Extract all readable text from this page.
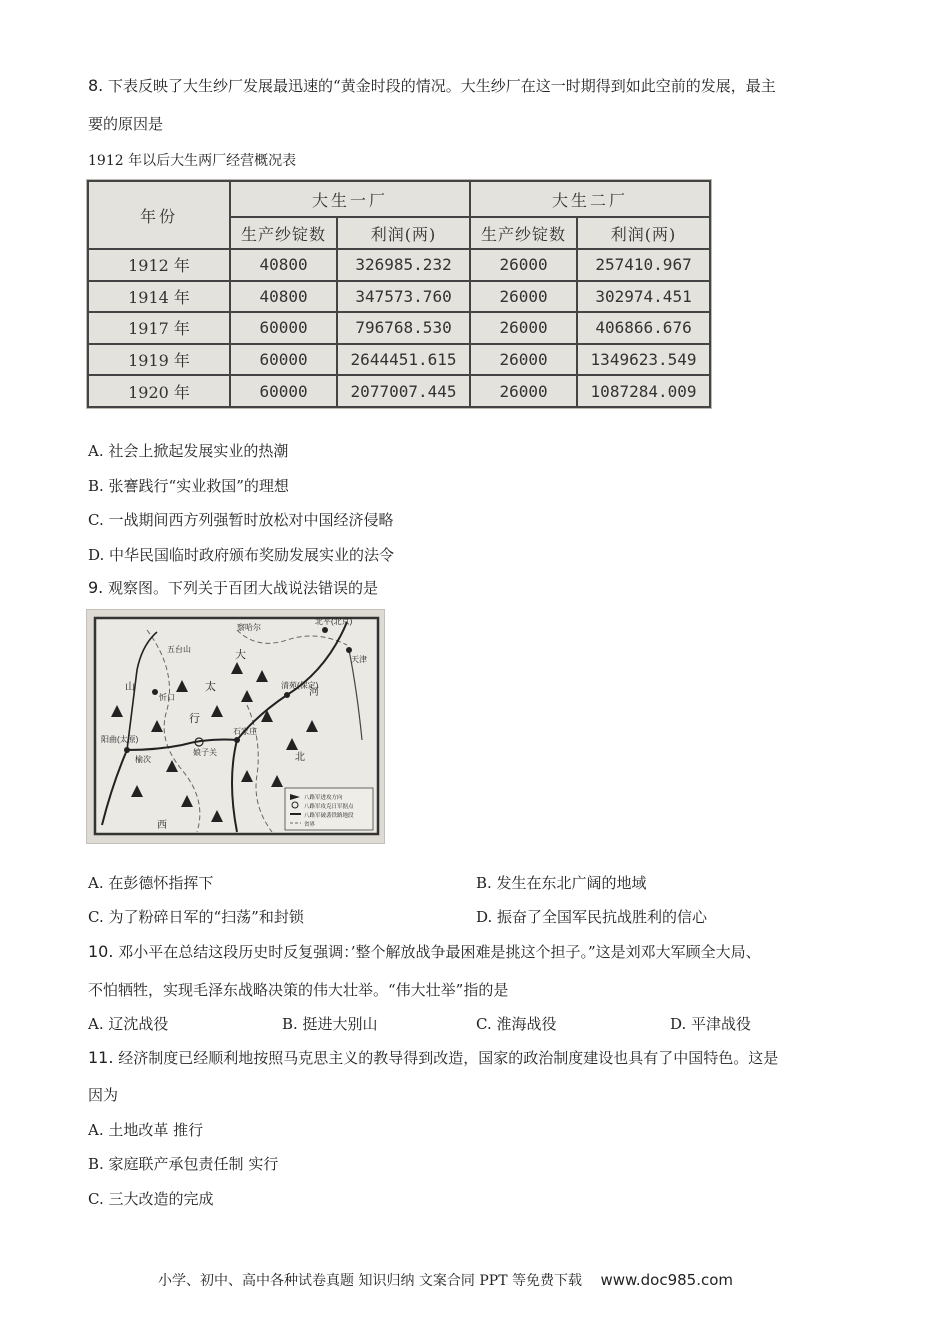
8. 下表反映了大生纱厂发展最迅速的“黄金时段的情况。大生纱厂在这一时期得到如此空前的发展，最主
要的原因是
1912 年以后大生两厂经营概况表
年份	大生一厂		大生二厂	
	生产纱锭数	利润(两)	生产纱锭数	利润(两)
1912 年	40800	326985.232	26000	257410.967
1914 年	40800	347573.760	26000	302974.451
1917 年	60000	796768.530	26000	406866.676
1919 年	60000	2644451.615	26000	1349623.549
1920 年	60000	2077007.445	26000	1087284.009
A. 社会上掀起发展实业的热潮
B. 张謇践行“实业救国”的理想
C. 一战期间西方列强暂时放松对中国经济侵略
D. 中华民国临时政府颁布奖励发展实业的法令
9. 观察图。下列关于百团大战说法错误的是
北平(北京)
天津
大
清苑(保定)
石家庄
娘子关
阳曲(太原)
榆次
五台山
忻口
山
西
河
北
太
行
察哈尔
八路军进攻方向
八路军攻克日军据点
八路军破袭铁路地段
省界
A. 在彭德怀指挥下	B. 发生在东北广阔的地域
C. 为了粉碎日军的“扫荡”和封锁	D. 振奋了全国军民抗战胜利的信心
10. 邓小平在总结这段历史时反复强调：’整个解放战争最困难是挑这个担子。”这是刘邓大军顾全大局、
不怕牺牲，实现毛泽东战略决策的伟大壮举。“伟大壮举”指的是
A. 辽沈战役	B. 挺进大别山	C. 淮海战役	D. 平津战役
11. 经济制度已经顺利地按照马克思主义的教导得到改造，国家的政治制度建设也具有了中国特色。这是
因为
A. 土地改革 推行
B. 家庭联产承包责任制 实行
C. 三大改造的完成
小学、初中、高中各种试卷真题 知识归纳 文案合同 PPT 等免费下载 www.doc985.com
